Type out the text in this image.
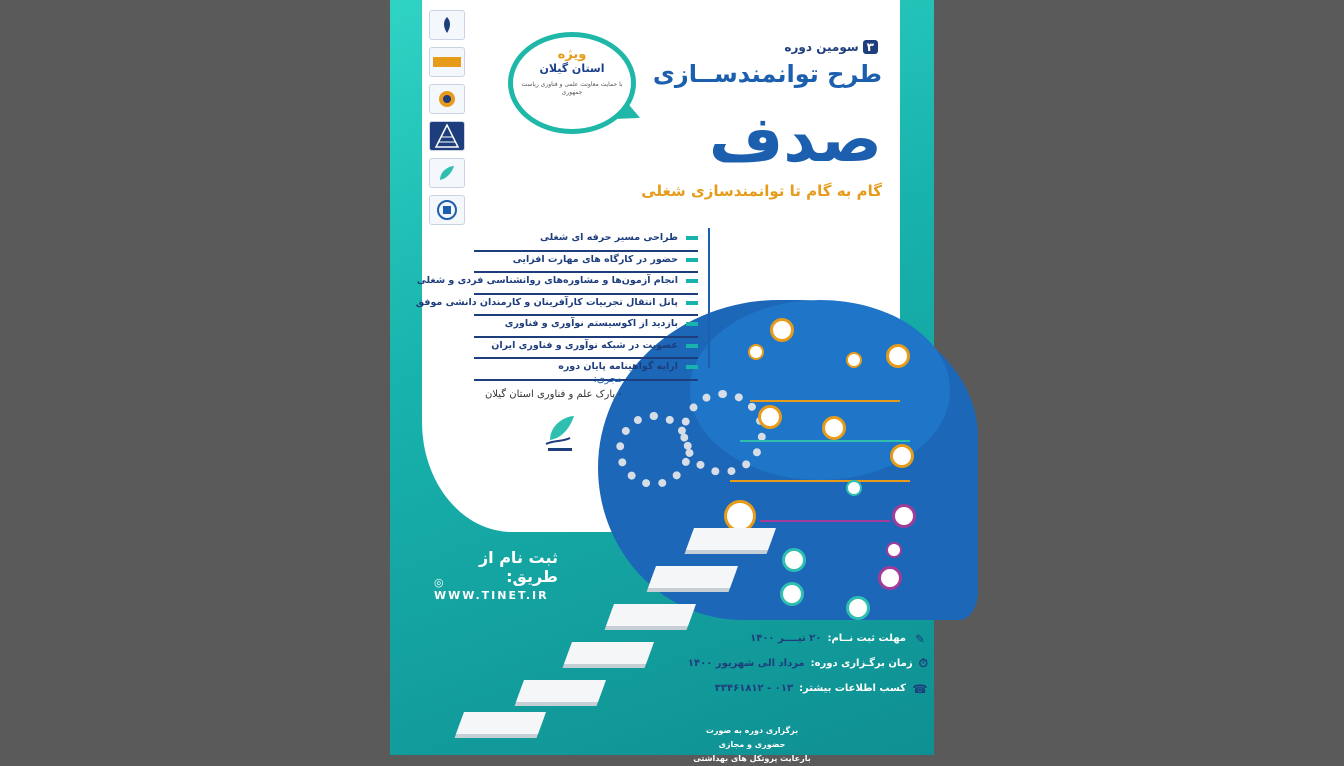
ویژه
استان گیلان
با حمایت معاونت علمی و فناوری ریاست جمهوری
۳
سومین دوره
طرح توانمندســازی
صدف
گام به گام تا توانمندسازی شغلی
طراحی مسیر حرفه ای شغلی
حضور در کارگاه های مهارت افزایی
انجام آزمون‌ها و مشاوره‌های روانشناسی فردی و شغلی
پانل انتقال تجربیات کارآفرینان و کارمندان دانشی موفق
بازدید از اکوسیستم نوآوری و فناوری
عضویت در شبکه نوآوری و فناوری ایران
ارایه گواهینامه پایان دوره
مجری:
- پارک علم و فناوری استان گیلان
ثبت نام از طریق:
◎ WWW.TINET.IR
✎
مهلت ثبت نــام:
۲۰ تیــــر ۱۴۰۰
⏱
زمان برگـزاری دوره:
مرداد الی شهریور ۱۴۰۰
☎
کسب اطلاعات بیشتر:
۰۱۳ - ۳۳۴۶۱۸۱۲
برگزاری دوره به صورت حضوری و مجازی
بارعایت پروتکل های بهداشتی
